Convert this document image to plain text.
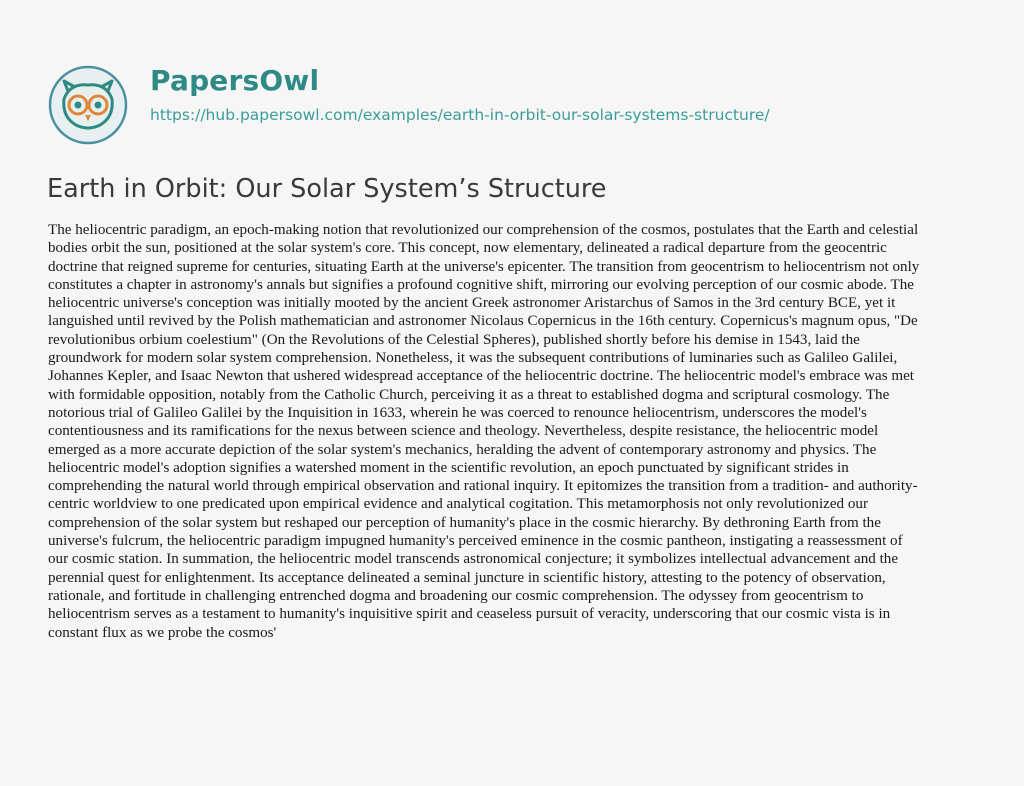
PapersOwl
https://hub.papersowl.com/examples/earth-in-orbit-our-solar-systems-structure/
Earth in Orbit: Our Solar System’s Structure
The heliocentric paradigm, an epoch-making notion that revolutionized our comprehension of the cosmos, postulates that the Earth and celestial
bodies orbit the sun, positioned at the solar system's core. This concept, now elementary, delineated a radical departure from the geocentric
doctrine that reigned supreme for centuries, situating Earth at the universe's epicenter. The transition from geocentrism to heliocentrism not only
constitutes a chapter in astronomy's annals but signifies a profound cognitive shift, mirroring our evolving perception of our cosmic abode. The
heliocentric universe's conception was initially mooted by the ancient Greek astronomer Aristarchus of Samos in the 3rd century BCE, yet it
languished until revived by the Polish mathematician and astronomer Nicolaus Copernicus in the 16th century. Copernicus's magnum opus, "De
revolutionibus orbium coelestium" (On the Revolutions of the Celestial Spheres), published shortly before his demise in 1543, laid the
groundwork for modern solar system comprehension. Nonetheless, it was the subsequent contributions of luminaries such as Galileo Galilei,
Johannes Kepler, and Isaac Newton that ushered widespread acceptance of the heliocentric doctrine. The heliocentric model's embrace was met
with formidable opposition, notably from the Catholic Church, perceiving it as a threat to established dogma and scriptural cosmology. The
notorious trial of Galileo Galilei by the Inquisition in 1633, wherein he was coerced to renounce heliocentrism, underscores the model's
contentiousness and its ramifications for the nexus between science and theology. Nevertheless, despite resistance, the heliocentric model
emerged as a more accurate depiction of the solar system's mechanics, heralding the advent of contemporary astronomy and physics. The
heliocentric model's adoption signifies a watershed moment in the scientific revolution, an epoch punctuated by significant strides in
comprehending the natural world through empirical observation and rational inquiry. It epitomizes the transition from a tradition- and authority-
centric worldview to one predicated upon empirical evidence and analytical cogitation. This metamorphosis not only revolutionized our
comprehension of the solar system but reshaped our perception of humanity's place in the cosmic hierarchy. By dethroning Earth from the
universe's fulcrum, the heliocentric paradigm impugned humanity's perceived eminence in the cosmic pantheon, instigating a reassessment of
our cosmic station. In summation, the heliocentric model transcends astronomical conjecture; it symbolizes intellectual advancement and the
perennial quest for enlightenment. Its acceptance delineated a seminal juncture in scientific history, attesting to the potency of observation,
rationale, and fortitude in challenging entrenched dogma and broadening our cosmic comprehension. The odyssey from geocentrism to
heliocentrism serves as a testament to humanity's inquisitive spirit and ceaseless pursuit of veracity, underscoring that our cosmic vista is in
constant flux as we probe the cosmos'
